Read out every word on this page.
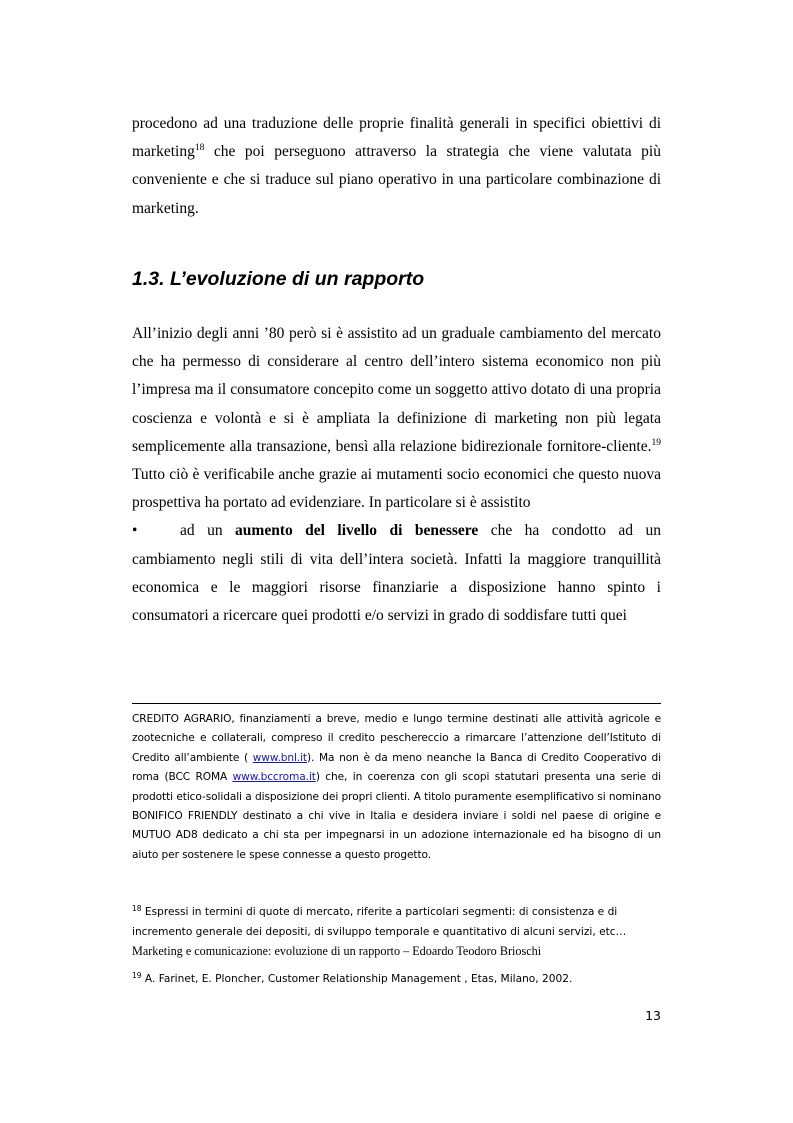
procedono ad una traduzione delle proprie finalità generali in specifici obiettivi di marketing$^{18}$ che poi perseguono attraverso la strategia che viene valutata più conveniente e che si traduce sul piano operativo in una particolare combinazione di marketing.

1.3. L’evoluzione di un rapporto
All’inizio degli anni ’80 però si è assistito ad un graduale cambiamento del mercato che ha permesso di considerare al centro dell’intero sistema economico non più l’impresa ma il consumatore concepito come un soggetto attivo dotato di una propria coscienza e volontà e si è ampliata la definizione di marketing non più legata semplicemente alla transazione, bensì alla relazione bidirezionale fornitore-cliente.$^{19}$ Tutto ciò è verificabile anche grazie ai mutamenti socio economici che questo nuova prospettiva ha portato ad evidenziare. In particolare si è assistito
•	ad un aumento del livello di benessere che ha condotto ad un
cambiamento negli stili di vita dell’intera società. Infatti la maggiore tranquillità economica e le maggiori risorse finanziarie a disposizione hanno spinto i consumatori a ricercare quei prodotti e/o servizi in grado di soddisfare tutti quei

CREDITO AGRARIO, finanziamenti a breve, medio e lungo termine destinati alle attività agricole e zootecniche e collaterali, compreso il credito peschereccio a rimarcare l’attenzione dell’Istituto di Credito all’ambiente ( www.bnl.it). Ma non è da meno neanche la Banca di Credito Cooperativo di roma (BCC ROMA www.bccroma.it) che, in coerenza con gli scopi statutari presenta una serie di prodotti etico-solidali a disposizione dei propri clienti. A titolo puramente esemplificativo si nominano BONIFICO FRIENDLY destinato a chi vive in Italia e desidera inviare i soldi nel paese di origine e MUTUO AD8 dedicato a chi sta per impegnarsi in un adozione internazionale ed ha bisogno di un aiuto per sostenere le spese connesse a questo progetto.

$^{18}$ Espressi in termini di quote di mercato, riferite a particolari segmenti: di consistenza e di incremento generale dei depositi, di sviluppo temporale e quantitativo di alcuni servizi, etc…
Marketing e comunicazione: evoluzione di un rapporto – Edoardo Teodoro Brioschi

$^{19}$ A. Farinet, E. Ploncher, Customer Relationship Management , Etas, Milano, 2002.

13
